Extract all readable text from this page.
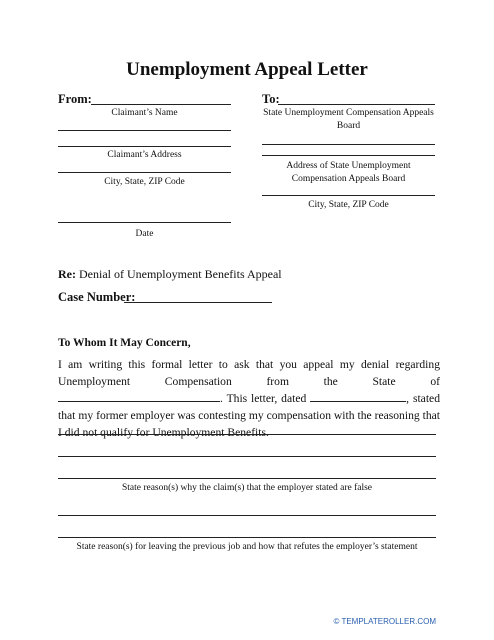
Unemployment Appeal Letter
From:
Claimant’s Name
Claimant’s Address
City, State, ZIP Code
Date
To:
State Unemployment Compensation Appeals Board
Address of State Unemployment Compensation Appeals Board
City, State, ZIP Code
Re: Denial of Unemployment Benefits Appeal
Case Number:
To Whom It May Concern,
I am writing this formal letter to ask that you appeal my denial regarding Unemployment Compensation from the State of . This letter, dated	, stated that my former employer was contesting my compensation with the reasoning that I did not qualify for Unemployment Benefits.
State reason(s) why the claim(s) that the employer stated are false
State reason(s) for leaving the previous job and how that refutes the employer’s statement
© TEMPLATEROLLER.COM
